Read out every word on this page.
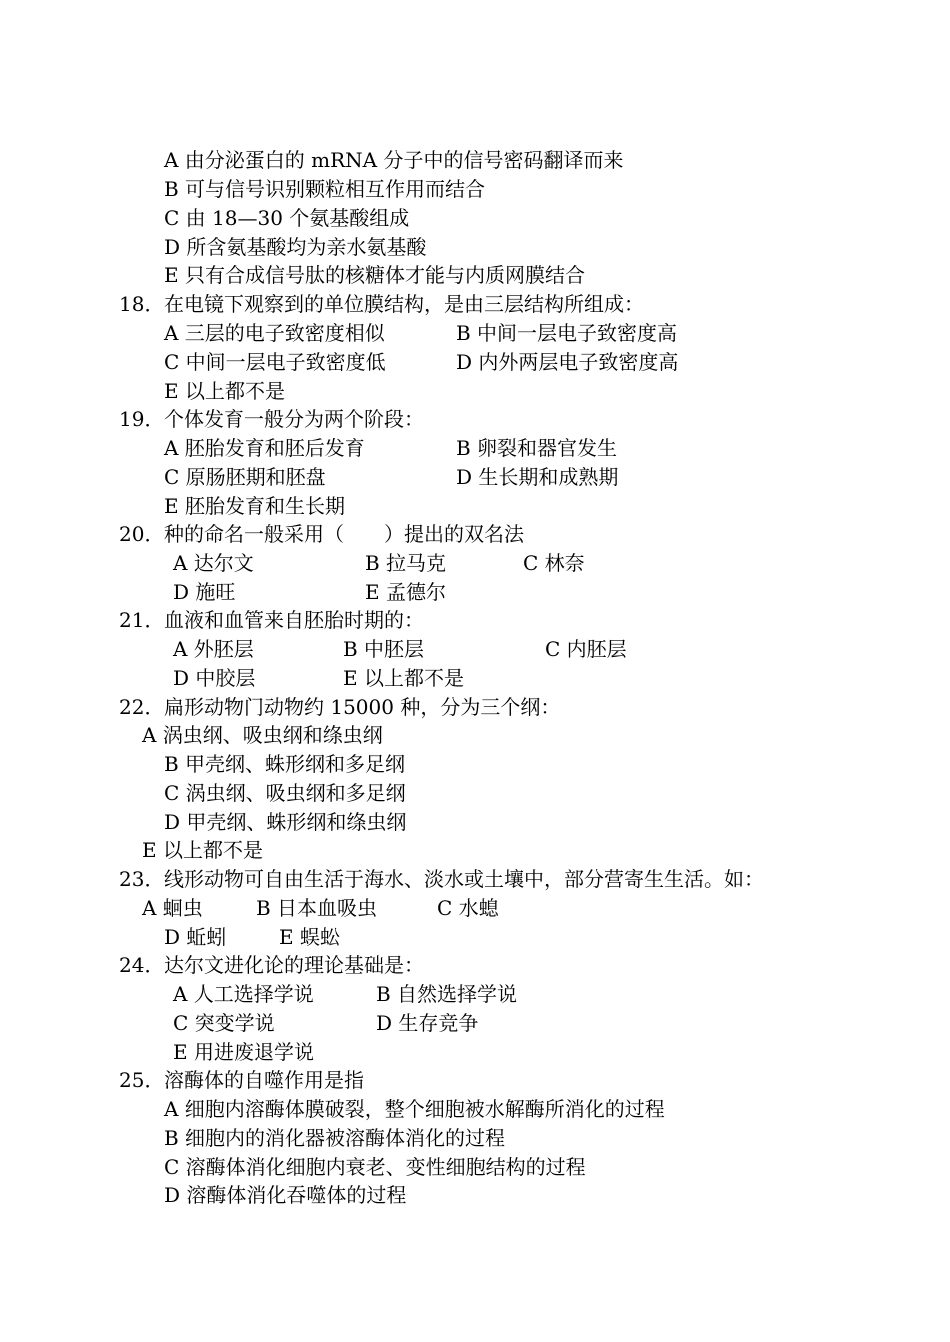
A 由分泌蛋白的 mRNA 分子中的信号密码翻译而来
B 可与信号识别颗粒相互作用而结合
C 由 18—30 个氨基酸组成
D 所含氨基酸均为亲水氨基酸
E 只有合成信号肽的核糖体才能与内质网膜结合
18． 在电镜下观察到的单位膜结构，是由三层结构所组成：
A 三层的电子致密度相似	B 中间一层电子致密度高
C 中间一层电子致密度低	D 内外两层电子致密度高
E 以上都不是
19． 个体发育一般分为两个阶段：
A 胚胎发育和胚后发育	B 卵裂和器官发生
C 原肠胚期和胚盘	D 生长期和成熟期
E 胚胎发育和生长期
20． 种的命名一般采用（　　）提出的双名法
A 达尔文	B 拉马克	C 林奈
D 施旺	E 孟德尔
21． 血液和血管来自胚胎时期的：
A 外胚层	B 中胚层	C 内胚层
D 中胶层	E 以上都不是
22． 扁形动物门动物约 15000 种，分为三个纲：
A 涡虫纲、吸虫纲和绦虫纲
B 甲壳纲、蛛形纲和多足纲
C 涡虫纲、吸虫纲和多足纲
D 甲壳纲、蛛形纲和绦虫纲
E 以上都不是
23． 线形动物可自由生活于海水、淡水或土壤中，部分营寄生生活。如：
A 蛔虫	B 日本血吸虫	C 水螅
D 蚯蚓	E 蜈蚣
24． 达尔文进化论的理论基础是：
A 人工选择学说	B 自然选择学说
C 突变学说	D 生存竞争
E 用进废退学说
25． 溶酶体的自噬作用是指
A 细胞内溶酶体膜破裂，整个细胞被水解酶所消化的过程
B 细胞内的消化器被溶酶体消化的过程
C 溶酶体消化细胞内衰老、变性细胞结构的过程
D 溶酶体消化吞噬体的过程
